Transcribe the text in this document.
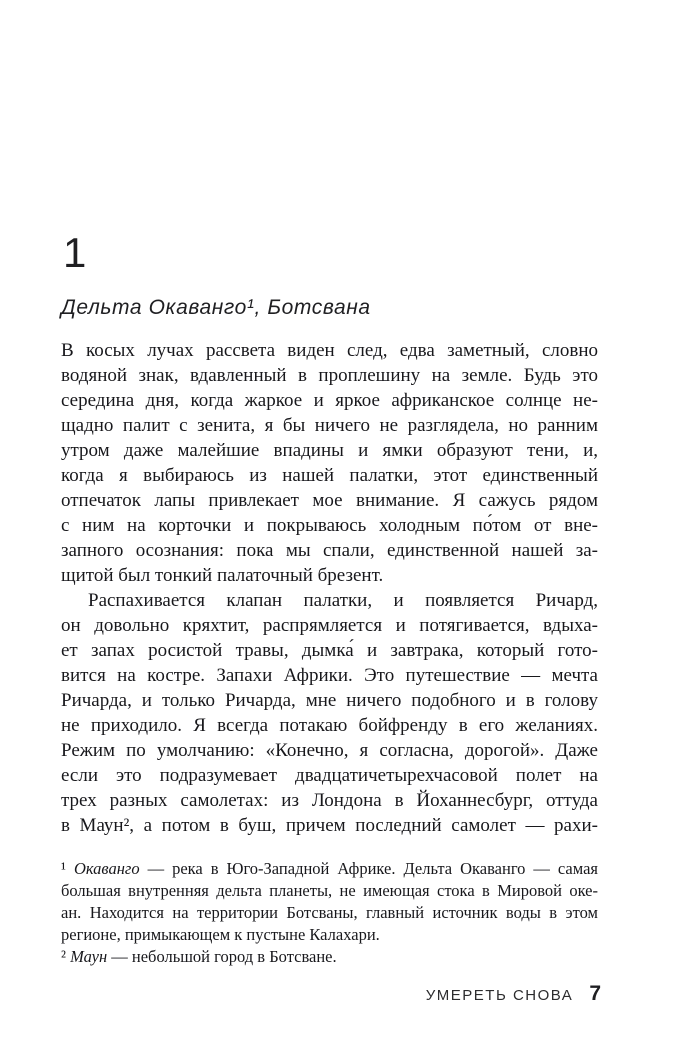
1
Дельта Окаванго¹, Ботсвана
В косых лучах рассвета виден след, едва заметный, словно
водяной знак, вдавленный в проплешину на земле. Будь это
середина дня, когда жаркое и яркое африканское солнце не-
щадно палит с зенита, я бы ничего не разглядела, но ранним
утром даже малейшие впадины и ямки образуют тени, и,
когда я выбираюсь из нашей палатки, этот единственный
отпечаток лапы привлекает мое внимание. Я сажусь рядом
с ним на корточки и покрываюсь холодным по́том от вне-
запного осознания: пока мы спали, единственной нашей за-
щитой был тонкий палаточный брезент.
Распахивается клапан палатки, и появляется Ричард,
он довольно кряхтит, распрямляется и потягивается, вдыха-
ет запах росистой травы, дымка́ и завтрака, который гото-
вится на костре. Запахи Африки. Это путешествие — мечта
Ричарда, и только Ричарда, мне ничего подобного и в голову
не приходило. Я всегда потакаю бойфренду в его желаниях.
Режим по умолчанию: «Конечно, я согласна, дорогой». Даже
если это подразумевает двадцатичетырехчасовой полет на
трех разных самолетах: из Лондона в Йоханнесбург, оттуда
в Маун², а потом в буш, причем последний самолет — рахи-
¹ Окаванго — река в Юго-Западной Африке. Дельта Окаванго — самая
большая внутренняя дельта планеты, не имеющая стока в Мировой оке-
ан. Находится на территории Ботсваны, главный источник воды в этом
регионе, примыкающем к пустыне Калахари.
² Маун — небольшой город в Ботсване.
УМЕРЕТЬ СНОВА 7
